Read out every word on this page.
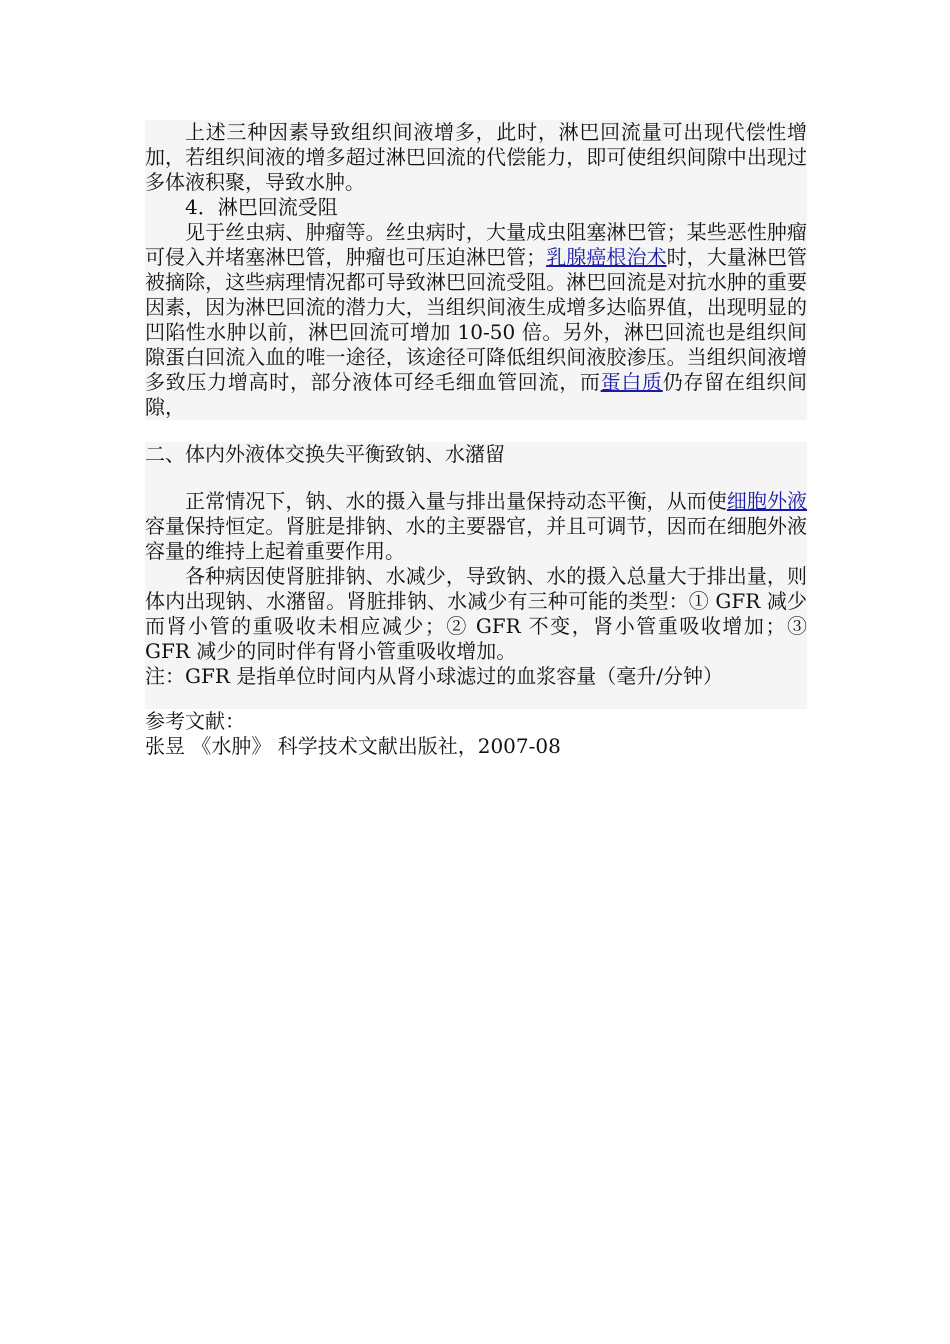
上述三种因素导致组织间液增多，此时，淋巴回流量可出现代偿性增加，若组织间液的增多超过淋巴回流的代偿能力，即可使组织间隙中出现过多体液积聚，导致水肿。

4．淋巴回流受阻

见于丝虫病、肿瘤等。丝虫病时，大量成虫阻塞淋巴管；某些恶性肿瘤可侵入并堵塞淋巴管，肿瘤也可压迫淋巴管；乳腺癌根治术时，大量淋巴管被摘除，这些病理情况都可导致淋巴回流受阻。淋巴回流是对抗水肿的重要因素，因为淋巴回流的潜力大，当组织间液生成增多达临界值，出现明显的凹陷性水肿以前，淋巴回流可增加 10-50 倍。另外，淋巴回流也是组织间隙蛋白回流入血的唯一途径，该途径可降低组织间液胶渗压。当组织间液增多致压力增高时，部分液体可经毛细血管回流，而蛋白质仍存留在组织间隙，

二、体内外液体交换失平衡致钠、水潴留

正常情况下，钠、水的摄入量与排出量保持动态平衡，从而使细胞外液容量保持恒定。肾脏是排钠、水的主要器官，并且可调节，因而在细胞外液容量的维持上起着重要作用。

各种病因使肾脏排钠、水减少，导致钠、水的摄入总量大于排出量，则体内出现钠、水潴留。肾脏排钠、水减少有三种可能的类型：① GFR 减少而肾小管的重吸收未相应减少；② GFR 不变，肾小管重吸收增加；③ GFR 减少的同时伴有肾小管重吸收增加。

注：GFR 是指单位时间内从肾小球滤过的血浆容量（毫升/分钟）

参考文献：
张昱 《水肿》 科学技术文献出版社，2007-08
